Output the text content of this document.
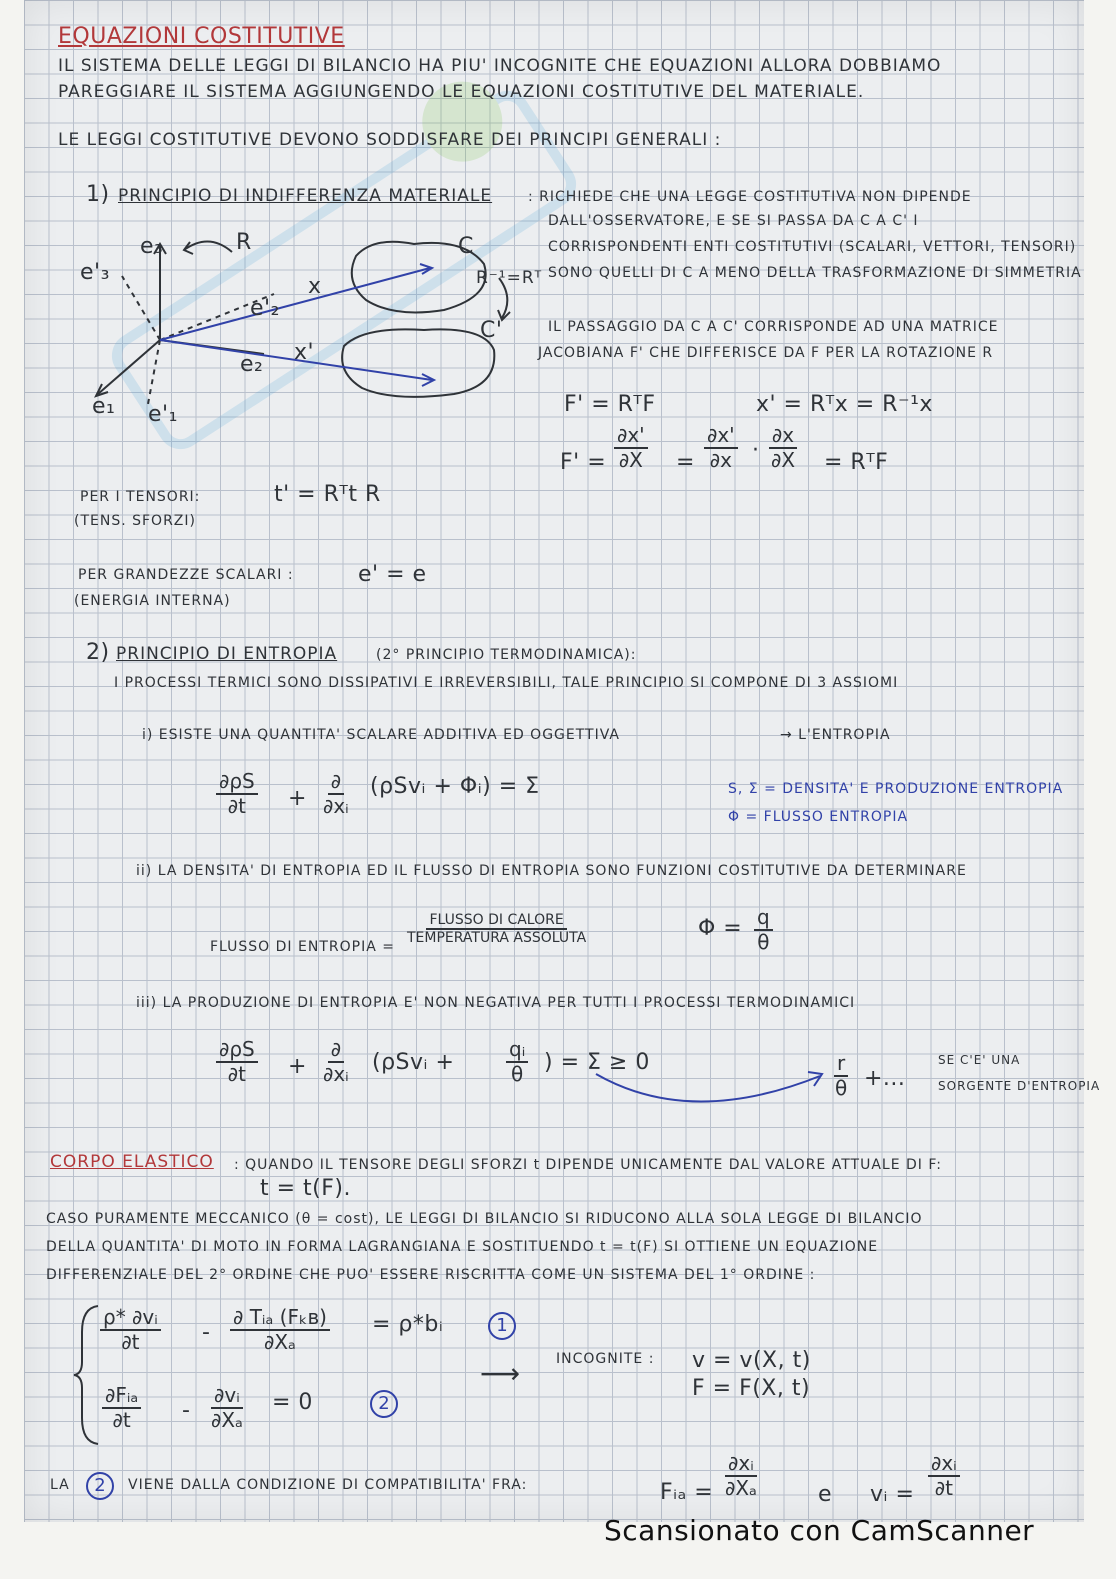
EQUAZIONI COSTITUTIVE
IL SISTEMA DELLE LEGGI DI BILANCIO HA PIU' INCOGNITE CHE EQUAZIONI ALLORA DOBBIAMO
PAREGGIARE IL SISTEMA AGGIUNGENDO LE EQUAZIONI COSTITUTIVE DEL MATERIALE.
LE LEGGI COSTITUTIVE DEVONO SODDISFARE DEI PRINCIPI GENERALI :
1) PRINCIPIO DI INDIFFERENZA MATERIALE	: RICHIEDE CHE UNA LEGGE COSTITUTIVA NON DIPENDE
DALL'OSSERVATORE, E SE SI PASSA DA C A C' I
CORRISPONDENTI ENTI COSTITUTIVI (SCALARI, VETTORI, TENSORI)
SONO QUELLI DI C A MENO DELLA TRASFORMAZIONE DI SIMMETRIA
e₃
e'₃
R
e'₂
e₂
e₁ e'₁
x
x'
C
C'
R⁻¹=Rᵀ
IL PASSAGGIO DA C A C' CORRISPONDE AD UNA MATRICE
JACOBIANA F' CHE DIFFERISCE DA F PER LA ROTAZIONE R
F' = RᵀF	x' = Rᵀx = R⁻¹x
$F' = \frac{\partial x'}{\partial X} = \frac{\partial x'}{\partial x} \cdot \frac{\partial x}{\partial X}$ = RᵀF
PER I TENSORI:
(TENS. SFORZI)
t' = Rᵀt R
PER GRANDEZZE SCALARI :
(ENERGIA INTERNA)
e' = e
2) PRINCIPIO DI ENTROPIA	(2° PRINCIPIO TERMODINAMICA):
I PROCESSI TERMICI SONO DISSIPATIVI E IRREVERSIBILI, TALE PRINCIPIO SI COMPONE DI 3 ASSIOMI
i) ESISTE UNA QUANTITA' SCALARE ADDITIVA ED OGGETTIVA	→ L'ENTROPIA
$\frac{\partial\rho S}{\partial t}$ +
∂
∂xᵢ
(ρSvᵢ + Φᵢ) = Σ	S, Σ = DENSITA' E PRODUZIONE ENTROPIA
Φ = FLUSSO ENTROPIA
ii) LA DENSITA' DI ENTROPIA ED IL FLUSSO DI ENTROPIA SONO FUNZIONI COSTITUTIVE DA DETERMINARE
FLUSSO DI ENTROPIA =
FLUSSO DI CALORE
TEMPERATURA ASSOLUTA	$\Phi = \frac{q}{\theta}$
iii) LA PRODUZIONE DI ENTROPIA E' NON NEGATIVA PER TUTTI I PROCESSI TERMODINAMICI
$\frac{\partial\rho S}{\partial t}$ +
∂
∂xᵢ (ρSvᵢ +	$\frac{\text{qᵢ}}{\theta}$ ) = Σ ≥ 0	$\frac{r}{\theta}$ +...
SE C'E' UNA
SORGENTE D'ENTROPIA
CORPO ELASTICO : QUANDO IL TENSORE DEGLI SFORZI t DIPENDE UNICAMENTE DAL VALORE ATTUALE DI F:
t = t(F).
CASO PURAMENTE MECCANICO (θ = cost), LE LEGGI DI BILANCIO SI RIDUCONO ALLA SOLA LEGGE DI BILANCIO
DELLA QUANTITA' DI MOTO IN FORMA LAGRANGIANA E SOSTITUENDO t = t(F) SI OTTIENE UN EQUAZIONE
DIFFERENZIALE DEL 2° ORDINE CHE PUO' ESSERE RISCRITTA COME UN SISTEMA DEL 1° ORDINE :
$\frac{\text{ρ* ∂vᵢ}}{\partial t}$ -
∂ Tᵢₐ (Fₖʙ)
∂Xₐ
= ρ*bᵢ	1
∂Fᵢₐ
$\partial t - \frac{\text{∂vᵢ}}{\text{∂Xₐ}} = 0$	2
⟶	INCOGNITE : v = v(X, t)
F = F(X, t)
LA	2	VIENE DALLA CONDIZIONE DI COMPATIBILITA' FRA:	Fᵢₐ = $\frac{\text{∂xᵢ}}{\text{∂Xₐ}}$	e vᵢ = $\frac{\text{∂xᵢ}}{\partial t}$
Scansionato con CamScanner
